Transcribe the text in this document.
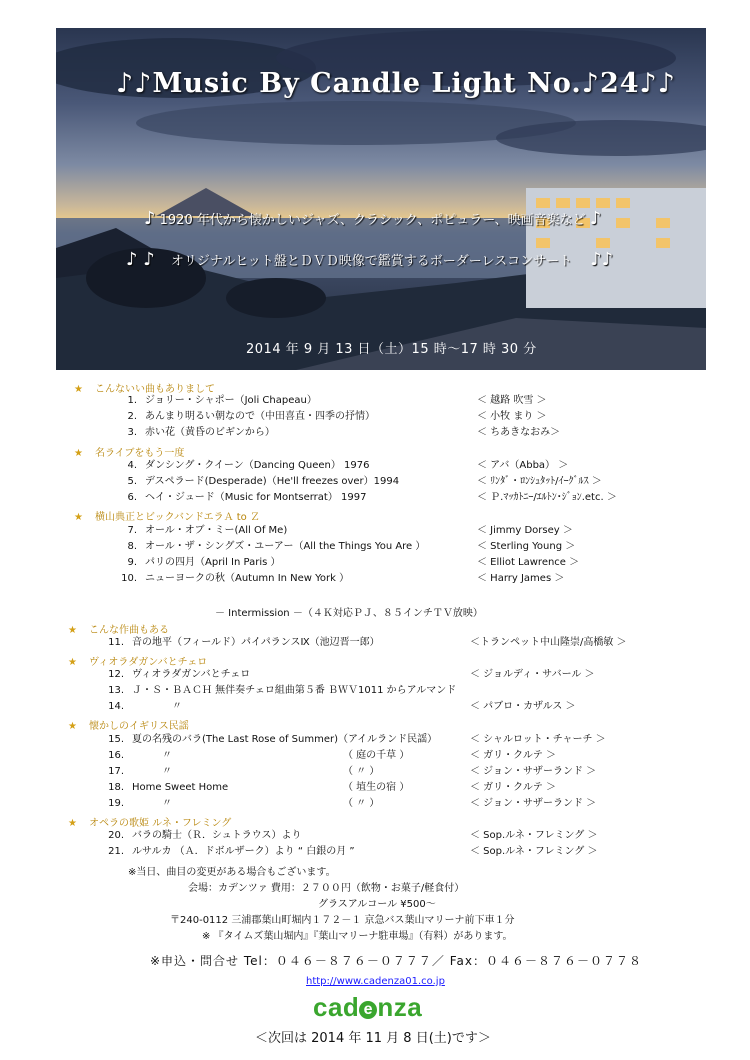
♪♪Music By Candle Light No.♪24♪♪
♪ 1920 年代から懐かしいジャズ、クラシック、ポピュラー、映画音楽など ♪
♪ ♪ オリジナルヒット盤とＤＶＤ映像で鑑賞するボーダーレスコンサート ♪♪
2014 年 9 月 13 日（土）15 時～17 時 30 分
★ こんないい曲もありまして
1. ジョリー・シャポー（Joli Chapeau）	＜ 越路 吹雪 ＞
2. あんまり明るい朝なので（中田喜直・四季の抒情）	＜ 小牧 まり ＞
3. 赤い花（黄昏のビギンから）	＜ ちあきなおみ＞
★ 名ライブをもう一度
4. ダンシング・クイーン（Dancing Queen） 1976	＜ アバ（Abba） ＞
5. デスペラード(Desperade)（He'll freezes over）1994	＜ ﾘﾝﾀﾞ・ﾛﾝｼｭﾀｯﾄ/ｲｰｸﾞﾙｽ ＞
6. ヘイ・ジュード（Music for Montserrat） 1997	＜ Ｐ.ﾏｯｶﾄﾆｰ/ｴﾙﾄﾝ･ｼﾞｮﾝ.etc. ＞
★ 横山典正とビックバンドエラＡ to Ｚ
7. オール・オブ・ミー(All Of Me)	＜ Jimmy Dorsey ＞
8. オール・ザ・シングズ・ユーアー（All the Things You Are ）	＜ Sterling Young ＞
9. パリの四月（April In Paris ）	＜ Elliot Lawrence ＞
10. ニューヨークの秋（Autumn In New York ）	＜ Harry James ＞
－ Intermission －（４Ｋ対応ＰＪ、８５インチＴＶ放映）
★ こんな作曲もある
11. 音の地平（フィールド）パイパランスⅨ（池辺晋一郎）	＜トランペット中山隆崇/高橋敏 ＞
★ ヴィオラダガンバとチェロ
12. ヴィオラダガンバとチェロ	＜ ジョルディ・サバール ＞
13. Ｊ・Ｓ・ＢＡＣＨ 無伴奏チェロ組曲第５番 ＢＷＶ1011 からアルマンド
14.	〃	＜ パブロ・カザルス ＞
★ 懐かしのイギリス民謡
15. 夏の名残のバラ(The Last Rose of Summer)（アイルランド民謡）	＜ シャルロット・チャーチ ＞
16.	〃	（ 庭の千草 ）	＜ ガリ・クルテ ＞
17.	〃	（ 〃 ）	＜ ジョン・サザーランド ＞
18. Home Sweet Home	（ 埴生の宿 ）	＜ ガリ・クルテ ＞
19.	〃	（ 〃 ）	＜ ジョン・サザーランド ＞
★ オペラの歌姫 ルネ・フレミング
20. バラの騎士（Ｒ．シュトラウス）より	＜ Sop.ルネ・フレミング ＞
21. ルサルカ （Ａ．ドボルザーク）より “ 白銀の月 ”	＜ Sop.ルネ・フレミング ＞
※当日、曲目の変更がある場合もございます。
会場：カデンツァ 費用：２７００円（飲物・お菓子/軽食付）
グラスアルコール ¥500～
〒240-0112 三浦郡葉山町堀内１７２－１ 京急バス葉山マリーナ前下車１分
※ 『タイムズ葉山堀内』『葉山マリーナ駐車場』（有料）があります。
※申込・問合せ Tel：０４６－８７６－０７７７／ Fax：０４６－８７６－０７７８
http://www.cadenza01.co.jp
cad e nza
＜次回は 2014 年 11 月 8 日(土)です＞
